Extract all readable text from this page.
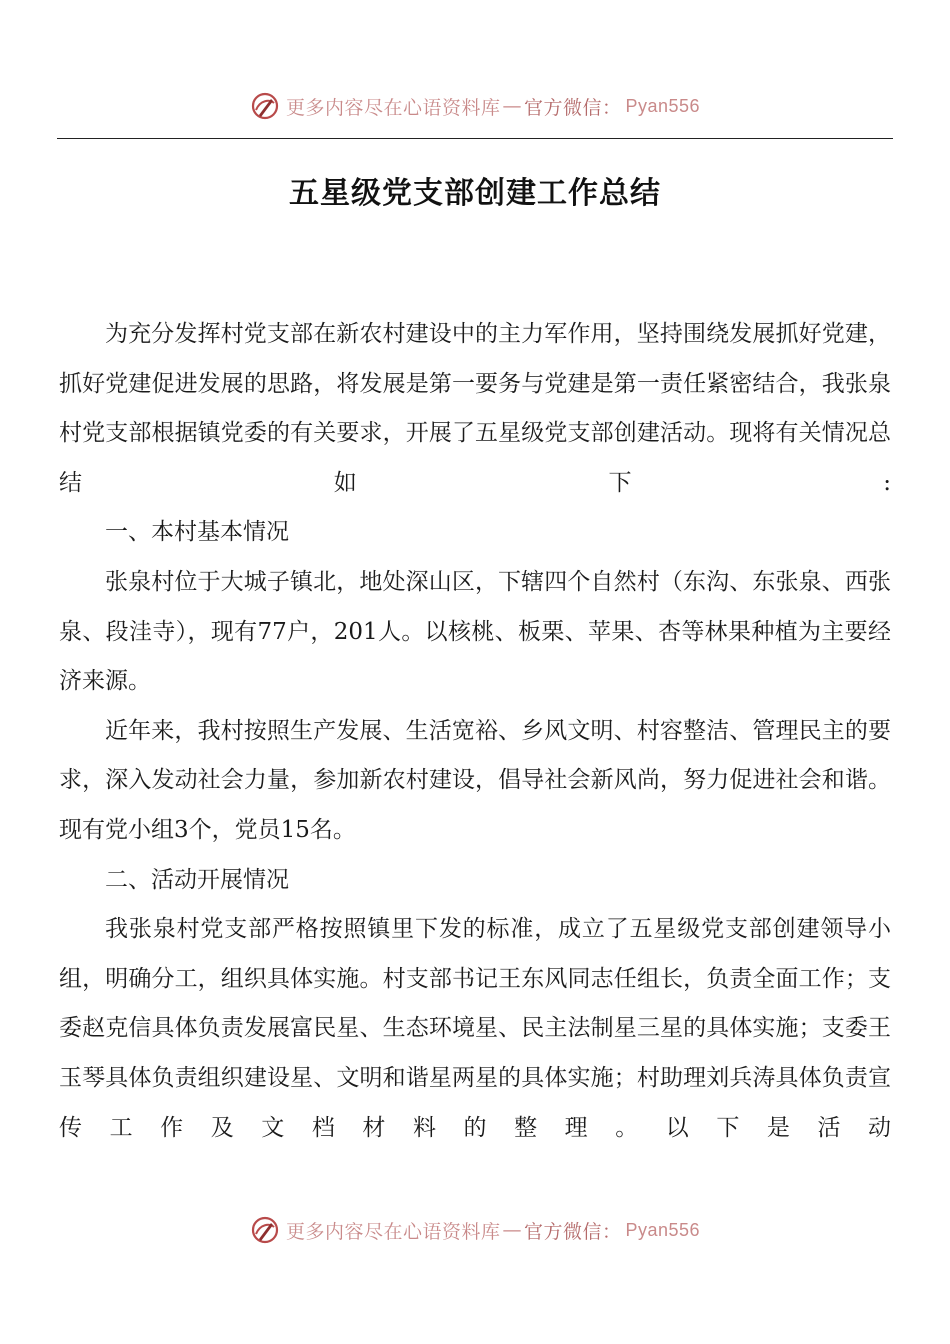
更多内容尽在心语资料库 — 官方微信： Pyan556
五星级党支部创建工作总结

为充分发挥村党支部在新农村建设中的主力军作用，坚持围绕发展抓好党建，抓好党建促进发展的思路，将发展是第一要务与党建是第一责任紧密结合，我张泉村党支部根据镇党委的有关要求，开展了五星级党支部创建活动。现将有关情况总结如下:

一、本村基本情况

张泉村位于大城子镇北，地处深山区，下辖四个自然村（东沟、东张泉、西张泉、段洼寺），现有77户，201人。以核桃、板栗、苹果、杏等林果种植为主要经济来源。

近年来，我村按照生产发展、生活宽裕、乡风文明、村容整洁、管理民主的要求，深入发动社会力量，参加新农村建设，倡导社会新风尚，努力促进社会和谐。现有党小组3个，党员15名。

二、活动开展情况

我张泉村党支部严格按照镇里下发的标准，成立了五星级党支部创建领导小组，明确分工，组织具体实施。村支部书记王东风同志任组长，负责全面工作；支委赵克信具体负责发展富民星、生态环境星、民主法制星三星的具体实施；支委王玉琴具体负责组织建设星、文明和谐星两星的具体实施；村助理刘兵涛具体负责宣传工作及文档材料的整理。以下是活动

更多内容尽在心语资料库 — 官方微信： Pyan556
